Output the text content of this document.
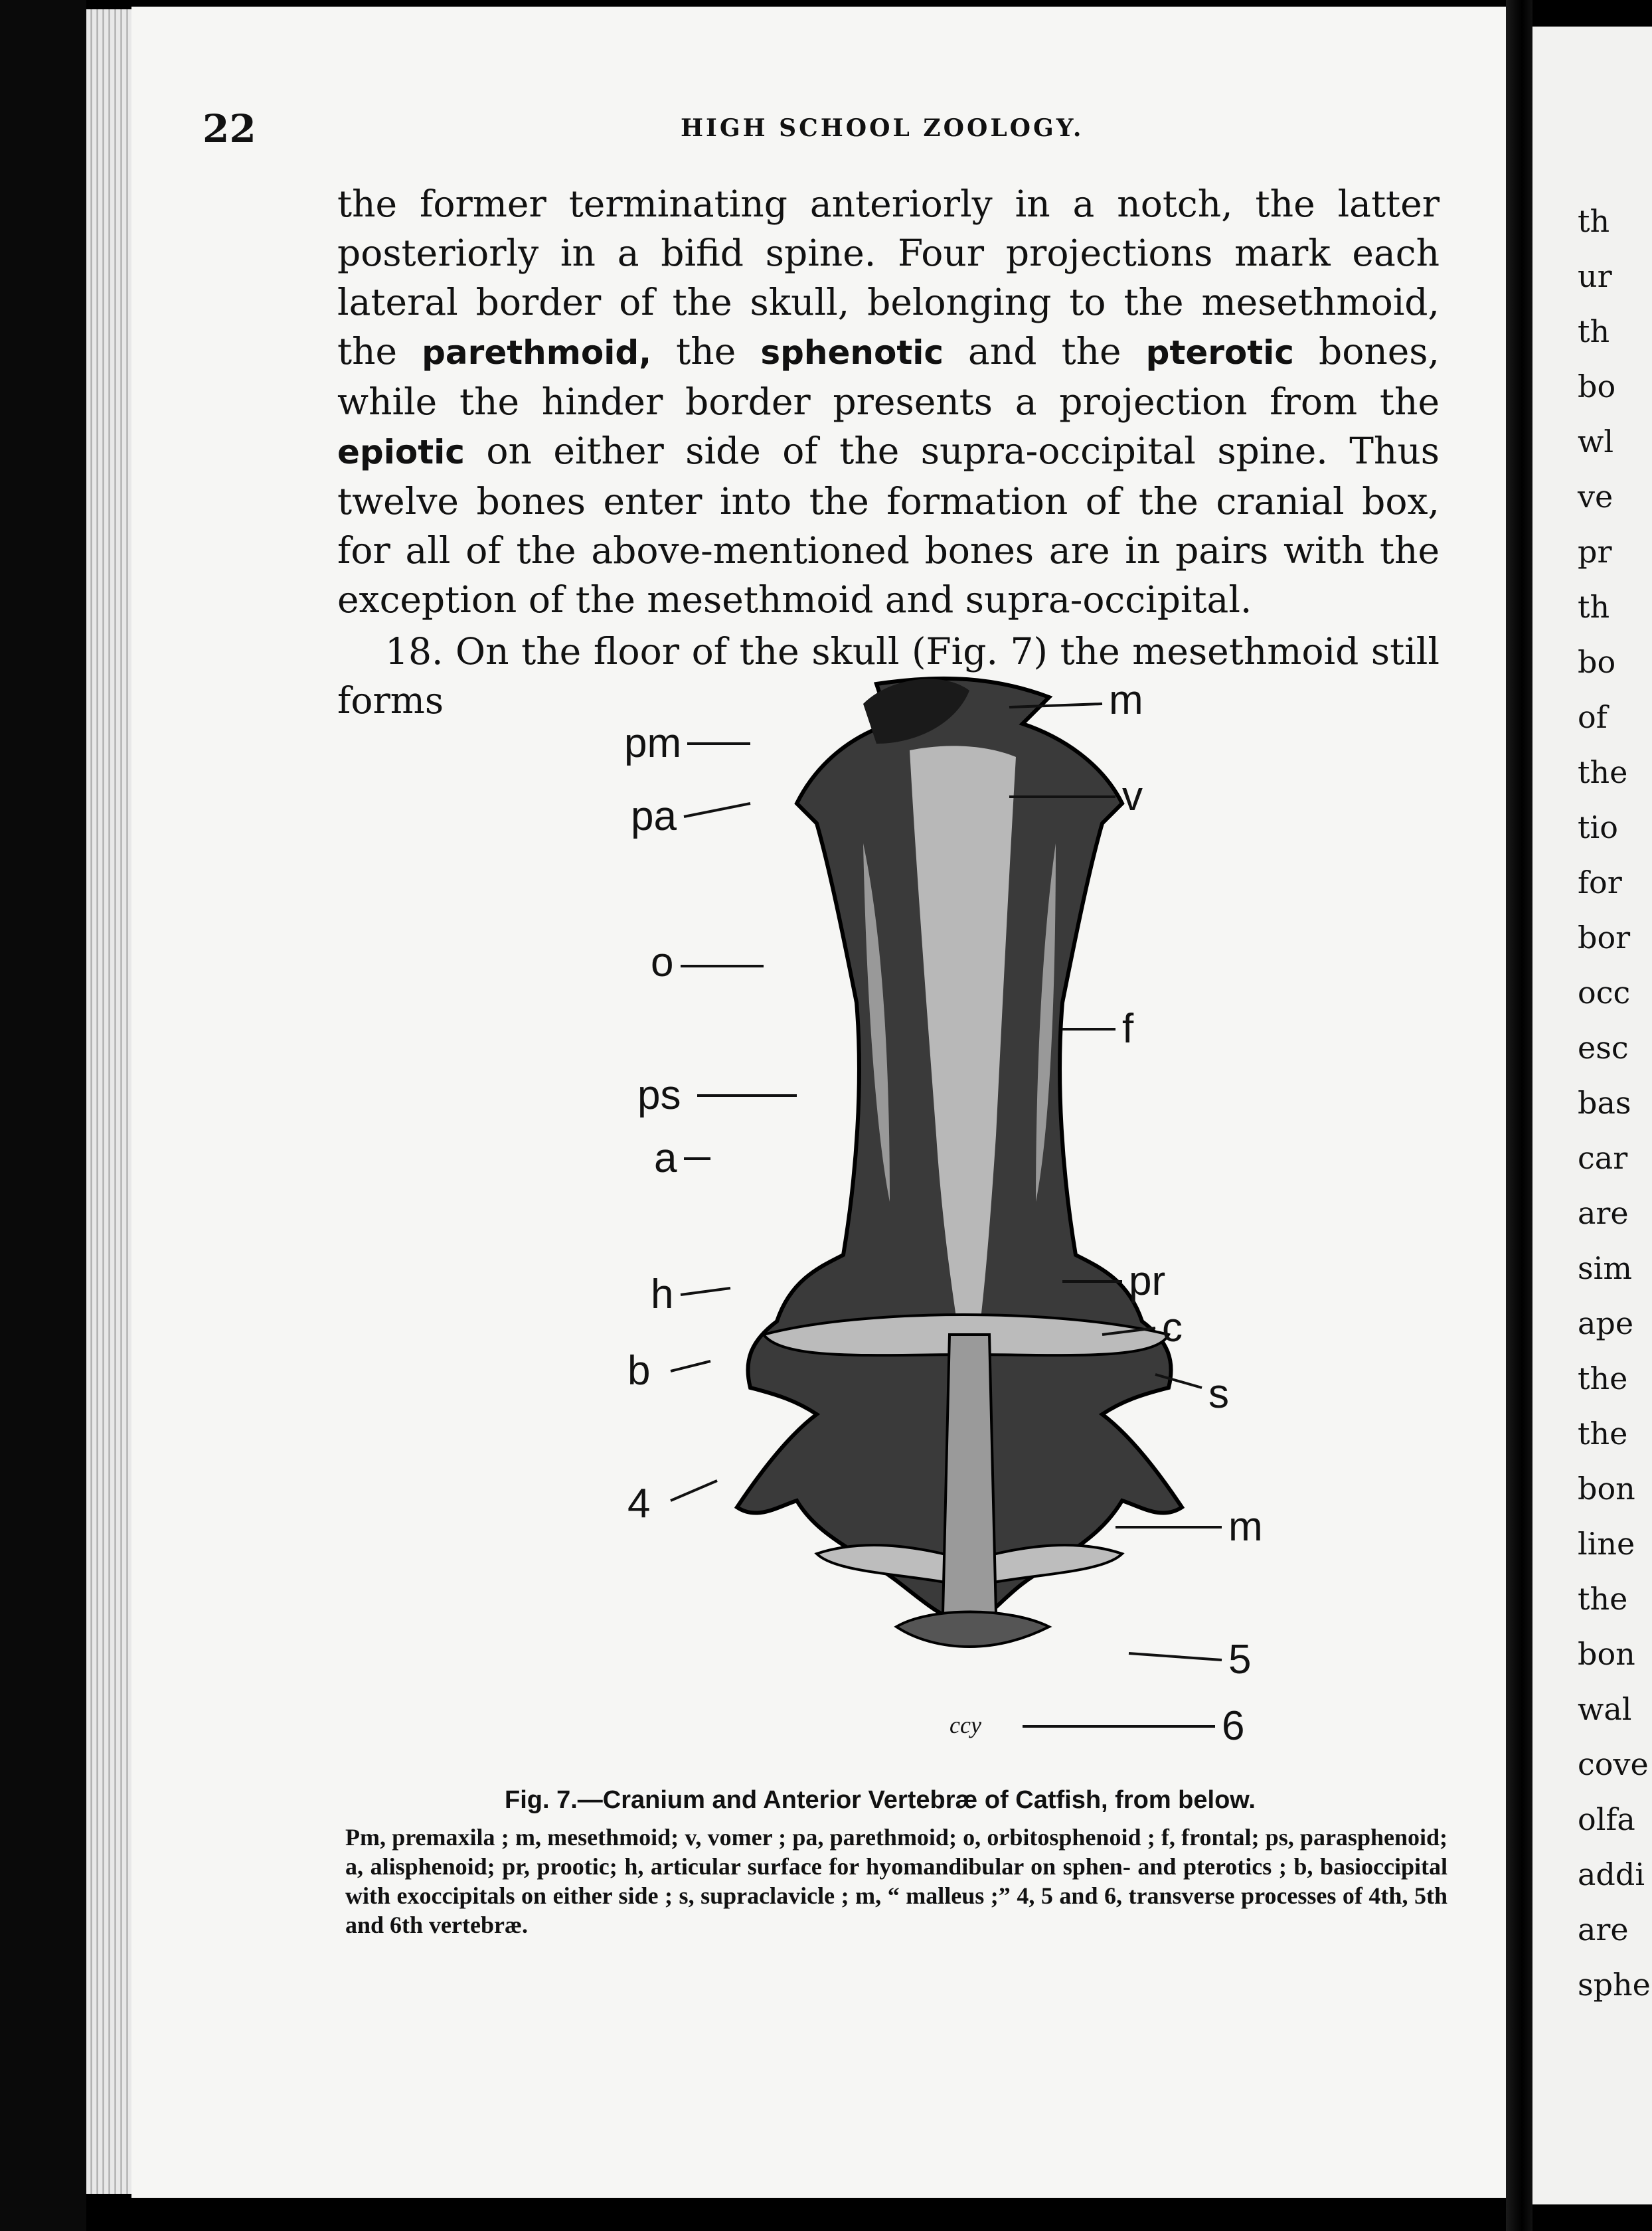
22	HIGH SCHOOL ZOOLOGY.

the former terminating anteriorly in a notch, the latter posteriorly in a bifid spine. Four projections mark each lateral border of the skull, belonging to the mesethmoid, the parethmoid, the sphenotic and the pterotic bones, while the hinder border presents a projection from the epiotic on either side of the supra-occipital spine. Thus twelve bones enter into the formation of the cranial box, for all of the above-mentioned bones are in pairs with the exception of the mesethmoid and supra-occipital.

18. On the floor of the skull (Fig. 7) the mesethmoid still forms

pm
pa
o
ps
a
h
b
4
m
v
f
pr
c
s
m
5
6
ccy
Fig. 7.—Cranium and Anterior Vertebræ of Catfish, from below.
Pm, premaxila ; m, mesethmoid; v, vomer ; pa, parethmoid; o, orbitosphenoid ; f, frontal; ps, parasphenoid; a, alisphenoid; pr, prootic; h, articular surface for hyomandibular on sphen- and pterotics ; b, basioccipital with exoccipitals on either side ; s, supraclavicle ; m, “ malleus ;” 4, 5 and 6, transverse processes of 4th, 5th and 6th vertebræ.
th
ur
th
bo
wl
ve
pr
th
bo
of
the
tio
for
bor
occ
esc
bas
car
are
sim
ape
the
the
bon
line
the
bon
wal
cove
olfa
addi
are
sphe
